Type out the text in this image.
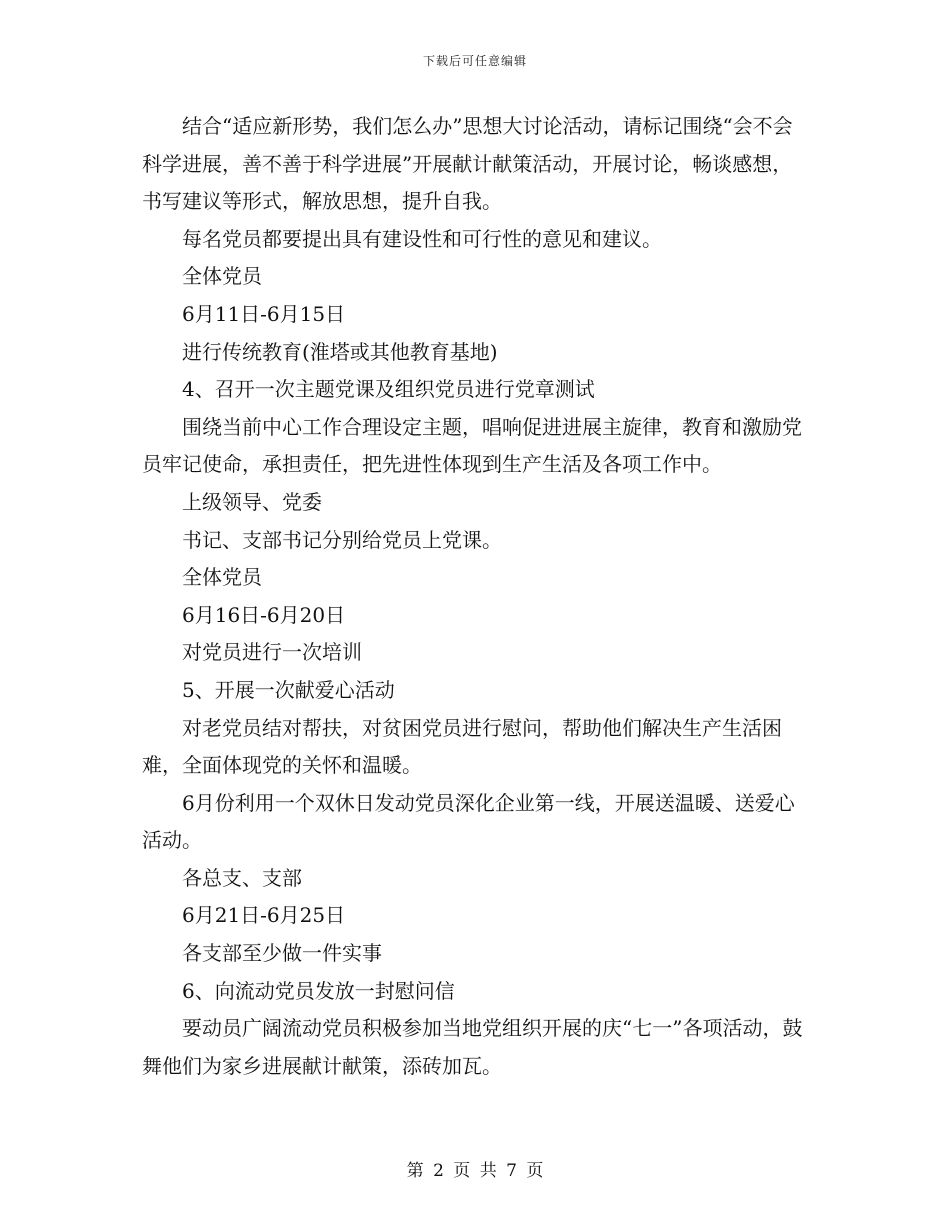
下载后可任意编辑

结合“适应新形势，我们怎么办”思想大讨论活动，请标记围绕“会不会科学进展，善不善于科学进展”开展献计献策活动，开展讨论，畅谈感想，书写建议等形式，解放思想，提升自我。

每名党员都要提出具有建设性和可行性的意见和建议。

全体党员

6月11日-6月15日

进行传统教育(淮塔或其他教育基地)

4、召开一次主题党课及组织党员进行党章测试

围绕当前中心工作合理设定主题，唱响促进进展主旋律，教育和激励党员牢记使命，承担责任，把先进性体现到生产生活及各项工作中。

上级领导、党委

书记、支部书记分别给党员上党课。

全体党员

6月16日-6月20日

对党员进行一次培训

5、开展一次献爱心活动

对老党员结对帮扶，对贫困党员进行慰问，帮助他们解决生产生活困难，全面体现党的关怀和温暖。

6月份利用一个双休日发动党员深化企业第一线，开展送温暖、送爱心活动。

各总支、支部

6月21日-6月25日

各支部至少做一件实事

6、向流动党员发放一封慰问信

要动员广阔流动党员积极参加当地党组织开展的庆“七一”各项活动，鼓舞他们为家乡进展献计献策，添砖加瓦。

第 2 页 共 7 页
